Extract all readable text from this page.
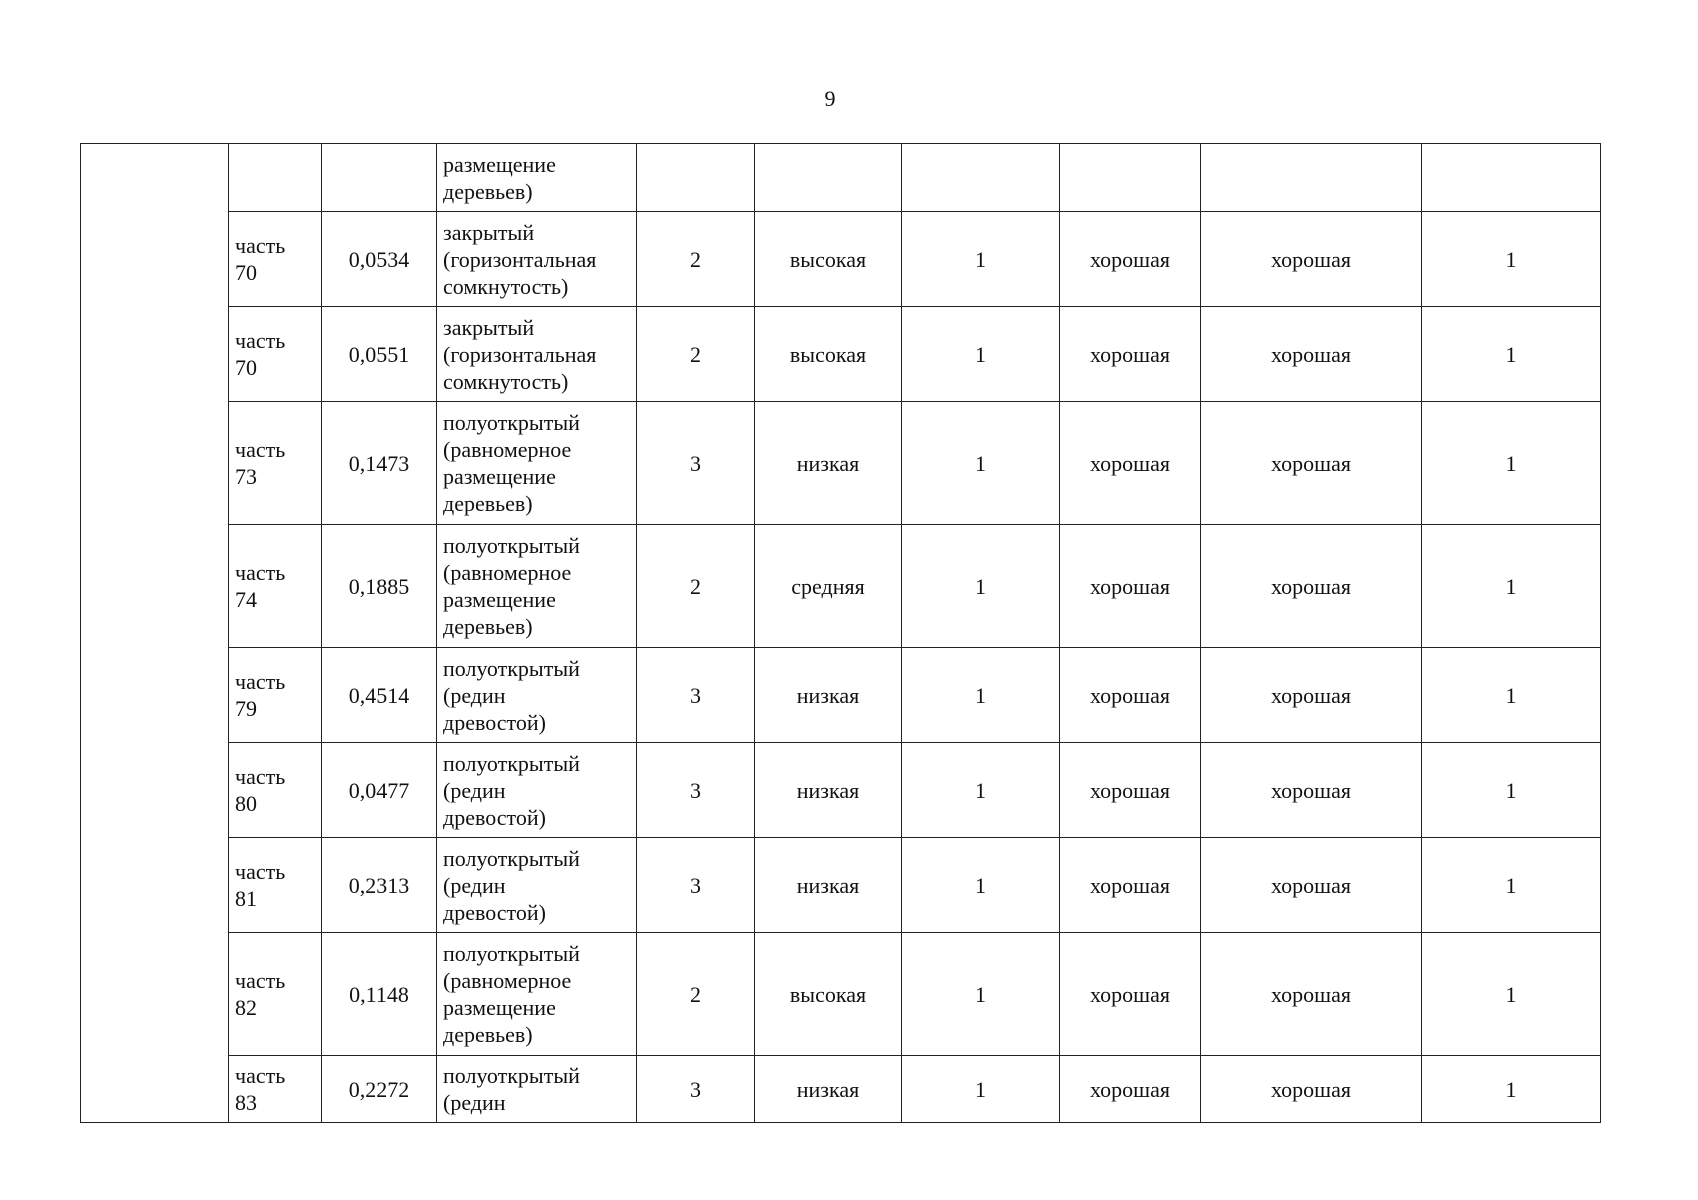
9
			размещение
деревьев)						
	часть
70	0,0534	закрытый
(горизонтальная
сомкнутость)	2	высокая	1	хорошая	хорошая	1
	часть
70	0,0551	закрытый
(горизонтальная
сомкнутость)	2	высокая	1	хорошая	хорошая	1
	часть
73	0,1473	полуоткрытый
(равномерное
размещение
деревьев)	3	низкая	1	хорошая	хорошая	1
	часть
74	0,1885	полуоткрытый
(равномерное
размещение
деревьев)	2	средняя	1	хорошая	хорошая	1
	часть
79	0,4514	полуоткрытый
(редин
древостой)	3	низкая	1	хорошая	хорошая	1
	часть
80	0,0477	полуоткрытый
(редин
древостой)	3	низкая	1	хорошая	хорошая	1
	часть
81	0,2313	полуоткрытый
(редин
древостой)	3	низкая	1	хорошая	хорошая	1
	часть
82	0,1148	полуоткрытый
(равномерное
размещение
деревьев)	2	высокая	1	хорошая	хорошая	1
	часть
83	0,2272	полуоткрытый
(редин	3	низкая	1	хорошая	хорошая	1
